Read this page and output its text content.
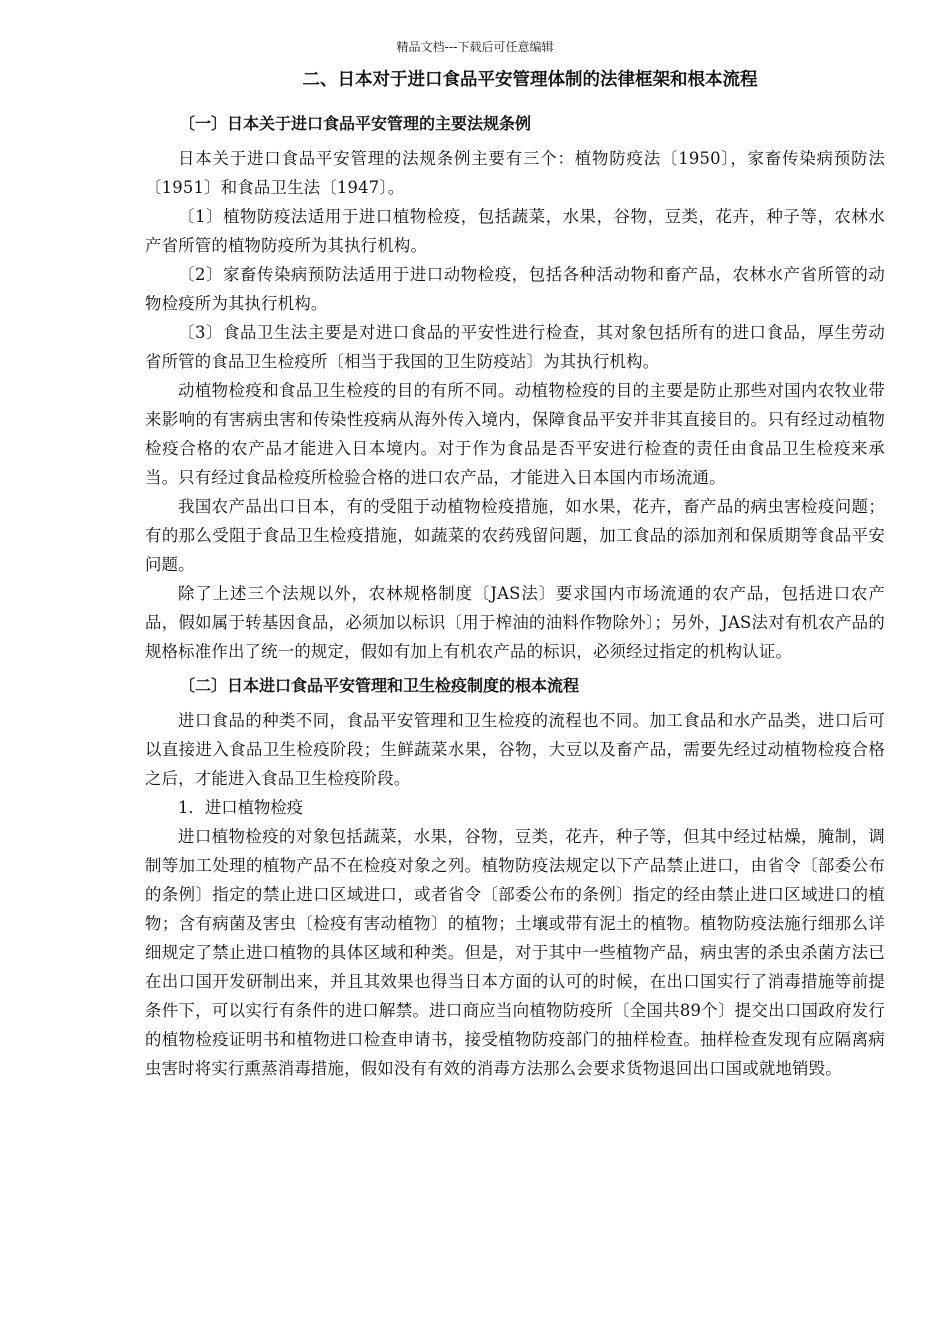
精品文档---下载后可任意编辑
二、日本对于进口食品平安管理体制的法律框架和根本流程
〔一〕日本关于进口食品平安管理的主要法规条例

日本关于进口食品平安管理的法规条例主要有三个：植物防疫法〔1950〕，家畜传染病预防法〔1951〕和食品卫生法〔1947〕。

〔1〕植物防疫法适用于进口植物检疫，包括蔬菜，水果，谷物，豆类，花卉，种子等，农林水产省所管的植物防疫所为其执行机构。

〔2〕家畜传染病预防法适用于进口动物检疫，包括各种活动物和畜产品，农林水产省所管的动物检疫所为其执行机构。

〔3〕食品卫生法主要是对进口食品的平安性进行检查，其对象包括所有的进口食品，厚生劳动省所管的食品卫生检疫所〔相当于我国的卫生防疫站〕为其执行机构。

动植物检疫和食品卫生检疫的目的有所不同。动植物检疫的目的主要是防止那些对国内农牧业带来影响的有害病虫害和传染性疫病从海外传入境内，保障食品平安并非其直接目的。只有经过动植物检疫合格的农产品才能进入日本境内。对于作为食品是否平安进行检查的责任由食品卫生检疫来承当。只有经过食品检疫所检验合格的进口农产品，才能进入日本国内市场流通。

我国农产品出口日本，有的受阻于动植物检疫措施，如水果，花卉，畜产品的病虫害检疫问题；有的那么受阻于食品卫生检疫措施，如蔬菜的农药残留问题，加工食品的添加剂和保质期等食品平安问题。

除了上述三个法规以外，农林规格制度〔JAS法〕要求国内市场流通的农产品，包括进口农产品，假如属于转基因食品，必须加以标识〔用于榨油的油料作物除外〕；另外，JAS法对有机农产品的规格标准作出了统一的规定，假如有加上有机农产品的标识，必须经过指定的机构认证。

〔二〕日本进口食品平安管理和卫生检疫制度的根本流程

进口食品的种类不同，食品平安管理和卫生检疫的流程也不同。加工食品和水产品类，进口后可以直接进入食品卫生检疫阶段；生鲜蔬菜水果，谷物，大豆以及畜产品，需要先经过动植物检疫合格之后，才能进入食品卫生检疫阶段。

1．进口植物检疫

进口植物检疫的对象包括蔬菜，水果，谷物，豆类，花卉，种子等，但其中经过枯燥，腌制，调制等加工处理的植物产品不在检疫对象之列。植物防疫法规定以下产品禁止进口，由省令〔部委公布的条例〕指定的禁止进口区域进口，或者省令〔部委公布的条例〕指定的经由禁止进口区域进口的植物；含有病菌及害虫〔检疫有害动植物〕的植物；土壤或带有泥土的植物。植物防疫法施行细那么详细规定了禁止进口植物的具体区域和种类。但是，对于其中一些植物产品，病虫害的杀虫杀菌方法已在出口国开发研制出来，并且其效果也得当日本方面的认可的时候，在出口国实行了消毒措施等前提条件下，可以实行有条件的进口解禁。进口商应当向植物防疫所〔全国共89个〕提交出口国政府发行的植物检疫证明书和植物进口检查申请书，接受植物防疫部门的抽样检查。抽样检查发现有应隔离病虫害时将实行熏蒸消毒措施，假如没有有效的消毒方法那么会要求货物退回出口国或就地销毁。
